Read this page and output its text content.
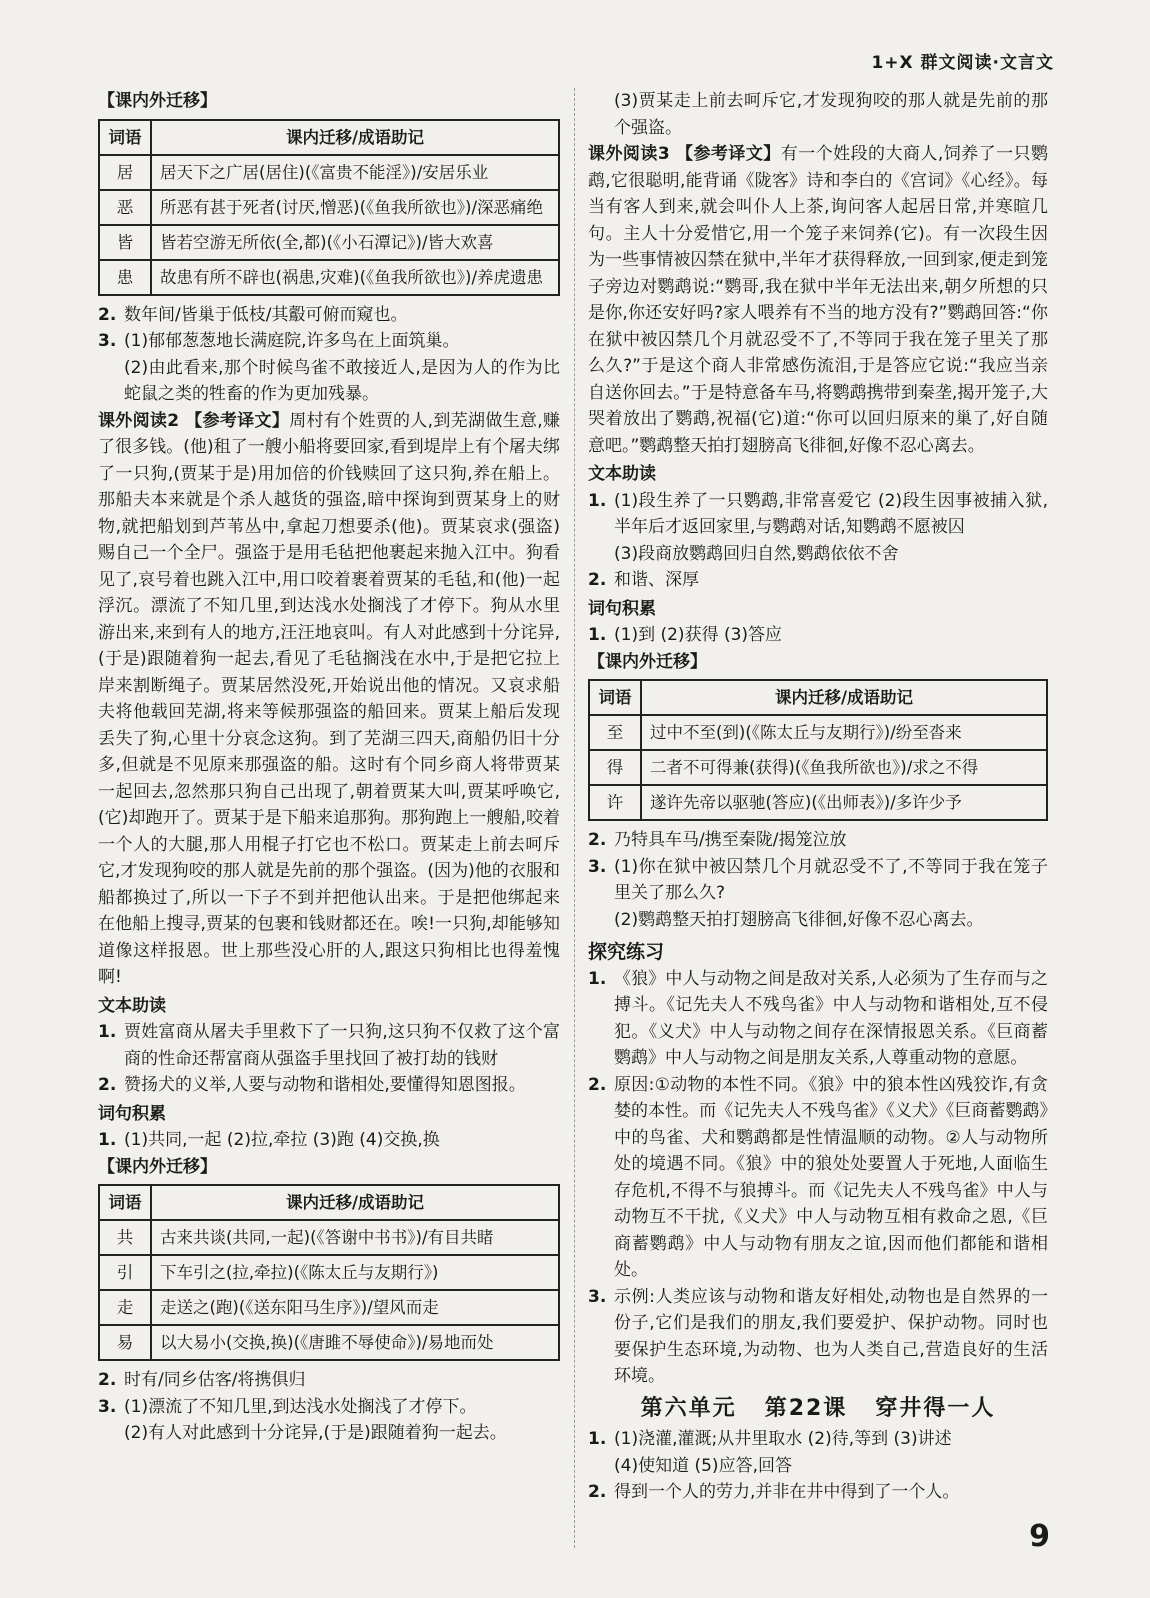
1+X 群文阅读·文言文
【课内外迁移】
词语	课内迁移/成语助记
居	居天下之广居(居住)(《富贵不能淫》)/安居乐业
恶	所恶有甚于死者(讨厌,憎恶)(《鱼我所欲也》)/深恶痛绝
皆	皆若空游无所依(全,都)(《小石潭记》)/皆大欢喜
患	故患有所不辟也(祸患,灾难)(《鱼我所欲也》)/养虎遗患
2. 数年间/皆巢于低枝/其鷇可俯而窥也。
3. (1)郁郁葱葱地长满庭院,许多鸟在上面筑巢。
(2)由此看来,那个时候鸟雀不敢接近人,是因为人的作为比蛇鼠之类的牲畜的作为更加残暴。
课外阅读2 【参考译文】周村有个姓贾的人,到芜湖做生意,赚了很多钱。(他)租了一艘小船将要回家,看到堤岸上有个屠夫绑了一只狗,(贾某于是)用加倍的价钱赎回了这只狗,养在船上。那船夫本来就是个杀人越货的强盗,暗中探询到贾某身上的财物,就把船划到芦苇丛中,拿起刀想要杀(他)。贾某哀求(强盗)赐自己一个全尸。强盗于是用毛毡把他裹起来抛入江中。狗看见了,哀号着也跳入江中,用口咬着裹着贾某的毛毡,和(他)一起浮沉。漂流了不知几里,到达浅水处搁浅了才停下。狗从水里游出来,来到有人的地方,汪汪地哀叫。有人对此感到十分诧异,(于是)跟随着狗一起去,看见了毛毡搁浅在水中,于是把它拉上岸来割断绳子。贾某居然没死,开始说出他的情况。又哀求船夫将他载回芜湖,将来等候那强盗的船回来。贾某上船后发现丢失了狗,心里十分哀念这狗。到了芜湖三四天,商船仍旧十分多,但就是不见原来那强盗的船。这时有个同乡商人将带贾某一起回去,忽然那只狗自己出现了,朝着贾某大叫,贾某呼唤它,(它)却跑开了。贾某于是下船来追那狗。那狗跑上一艘船,咬着一个人的大腿,那人用棍子打它也不松口。贾某走上前去呵斥它,才发现狗咬的那人就是先前的那个强盗。(因为)他的衣服和船都换过了,所以一下子不到并把他认出来。于是把他绑起来在他船上搜寻,贾某的包裹和钱财都还在。唉!一只狗,却能够知道像这样报恩。世上那些没心肝的人,跟这只狗相比也得羞愧啊!
文本助读
1. 贾姓富商从屠夫手里救下了一只狗,这只狗不仅救了这个富商的性命还帮富商从强盗手里找回了被打劫的钱财
2. 赞扬犬的义举,人要与动物和谐相处,要懂得知恩图报。
词句积累
1. (1)共同,一起 (2)拉,牵拉 (3)跑 (4)交换,换
【课内外迁移】
词语	课内迁移/成语助记
共	古来共谈(共同,一起)(《答谢中书书》)/有目共睹
引	下车引之(拉,牵拉)(《陈太丘与友期行》)
走	走送之(跑)(《送东阳马生序》)/望风而走
易	以大易小(交换,换)(《唐雎不辱使命》)/易地而处
2. 时有/同乡估客/将携俱归
3. (1)漂流了不知几里,到达浅水处搁浅了才停下。
(2)有人对此感到十分诧异,(于是)跟随着狗一起去。
(3)贾某走上前去呵斥它,才发现狗咬的那人就是先前的那个强盗。
课外阅读3 【参考译文】有一个姓段的大商人,饲养了一只鹦鹉,它很聪明,能背诵《陇客》诗和李白的《宫词》《心经》。每当有客人到来,就会叫仆人上茶,询问客人起居日常,并寒暄几句。主人十分爱惜它,用一个笼子来饲养(它)。有一次段生因为一些事情被囚禁在狱中,半年才获得释放,一回到家,便走到笼子旁边对鹦鹉说:“鹦哥,我在狱中半年无法出来,朝夕所想的只是你,你还安好吗?家人喂养有不当的地方没有?”鹦鹉回答:“你在狱中被囚禁几个月就忍受不了,不等同于我在笼子里关了那么久?”于是这个商人非常感伤流泪,于是答应它说:“我应当亲自送你回去。”于是特意备车马,将鹦鹉携带到秦垄,揭开笼子,大哭着放出了鹦鹉,祝福(它)道:“你可以回归原来的巢了,好自随意吧。”鹦鹉整天拍打翅膀高飞徘徊,好像不忍心离去。
文本助读
1. (1)段生养了一只鹦鹉,非常喜爱它 (2)段生因事被捕入狱,半年后才返回家里,与鹦鹉对话,知鹦鹉不愿被囚
(3)段商放鹦鹉回归自然,鹦鹉依依不舍
2. 和谐、深厚
词句积累
1. (1)到 (2)获得 (3)答应
【课内外迁移】
词语	课内迁移/成语助记
至	过中不至(到)(《陈太丘与友期行》)/纷至沓来
得	二者不可得兼(获得)(《鱼我所欲也》)/求之不得
许	遂许先帝以驱驰(答应)(《出师表》)/多许少予
2. 乃特具车马/携至秦陇/揭笼泣放
3. (1)你在狱中被囚禁几个月就忍受不了,不等同于我在笼子里关了那么久?
(2)鹦鹉整天拍打翅膀高飞徘徊,好像不忍心离去。
探究练习
1. 《狼》中人与动物之间是敌对关系,人必须为了生存而与之搏斗。《记先夫人不残鸟雀》中人与动物和谐相处,互不侵犯。《义犬》中人与动物之间存在深情报恩关系。《巨商蓄鹦鹉》中人与动物之间是朋友关系,人尊重动物的意愿。
2. 原因:①动物的本性不同。《狼》中的狼本性凶残狡诈,有贪婪的本性。而《记先夫人不残鸟雀》《义犬》《巨商蓄鹦鹉》中的鸟雀、犬和鹦鹉都是性情温顺的动物。②人与动物所处的境遇不同。《狼》中的狼处处要置人于死地,人面临生存危机,不得不与狼搏斗。而《记先夫人不残鸟雀》中人与动物互不干扰,《义犬》中人与动物互相有救命之恩,《巨商蓄鹦鹉》中人与动物有朋友之谊,因而他们都能和谐相处。
3. 示例:人类应该与动物和谐友好相处,动物也是自然界的一份子,它们是我们的朋友,我们要爱护、保护动物。同时也要保护生态环境,为动物、也为人类自己,营造良好的生活环境。
第六单元 第22课 穿井得一人
1. (1)浇灌,灌溉;从井里取水 (2)待,等到 (3)讲述
(4)使知道 (5)应答,回答
2. 得到一个人的劳力,并非在井中得到了一个人。
9
